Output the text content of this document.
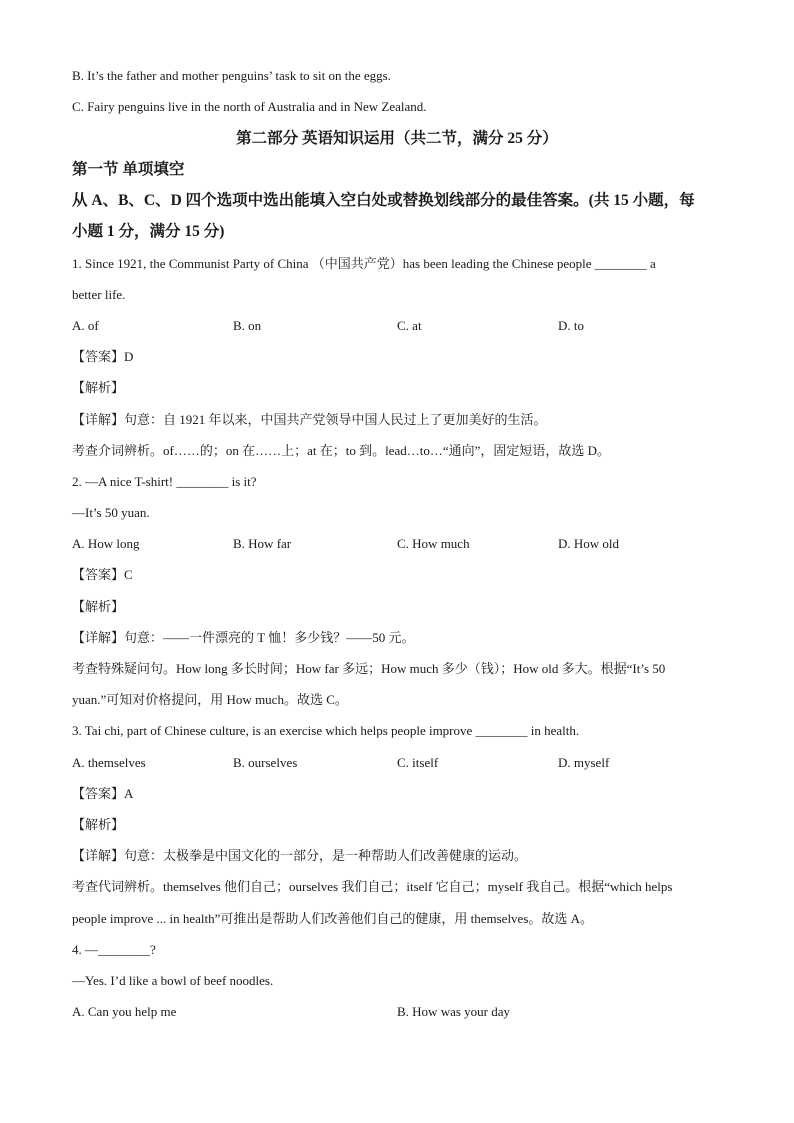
B. It’s the father and mother penguins’ task to sit on the eggs.
C. Fairy penguins live in the north of Australia and in New Zealand.
第二部分 英语知识运用（共二节，满分 25 分）
第一节 单项填空
从 A、B、C、D 四个选项中选出能填入空白处或替换划线部分的最佳答案。(共 15 小题，每
小题 1 分，满分 15 分)
1. Since 1921, the Communist Party of China （中国共产党）has been leading the Chinese people ________ a
better life.
A. of	B. on	C. at	D. to
【答案】D
【解析】
【详解】句意：自 1921 年以来，中国共产党领导中国人民过上了更加美好的生活。
考查介词辨析。of……的；on 在……上；at 在；to 到。lead…to…“通向”，固定短语，故选 D。
2. —A nice T-shirt! ________ is it?
—It’s 50 yuan.
A. How long	B. How far	C. How much	D. How old
【答案】C
【解析】
【详解】句意：——一件漂亮的 T 恤！多少钱？——50 元。
考查特殊疑问句。How long 多长时间；How far 多远；How much 多少（钱）；How old 多大。根据“It’s 50
yuan.”可知对价格提问，用 How much。故选 C。
3. Tai chi, part of Chinese culture, is an exercise which helps people improve ________ in health.
A. themselves	B. ourselves	C. itself	D. myself
【答案】A
【解析】
【详解】句意：太极拳是中国文化的一部分，是一种帮助人们改善健康的运动。
考查代词辨析。themselves 他们自己；ourselves 我们自己；itself 它自己；myself 我自己。根据“which helps
people improve ... in health”可推出是帮助人们改善他们自己的健康，用 themselves。故选 A。
4. —________?
—Yes. I’d like a bowl of beef noodles.
A. Can you help me	B. How was your day
